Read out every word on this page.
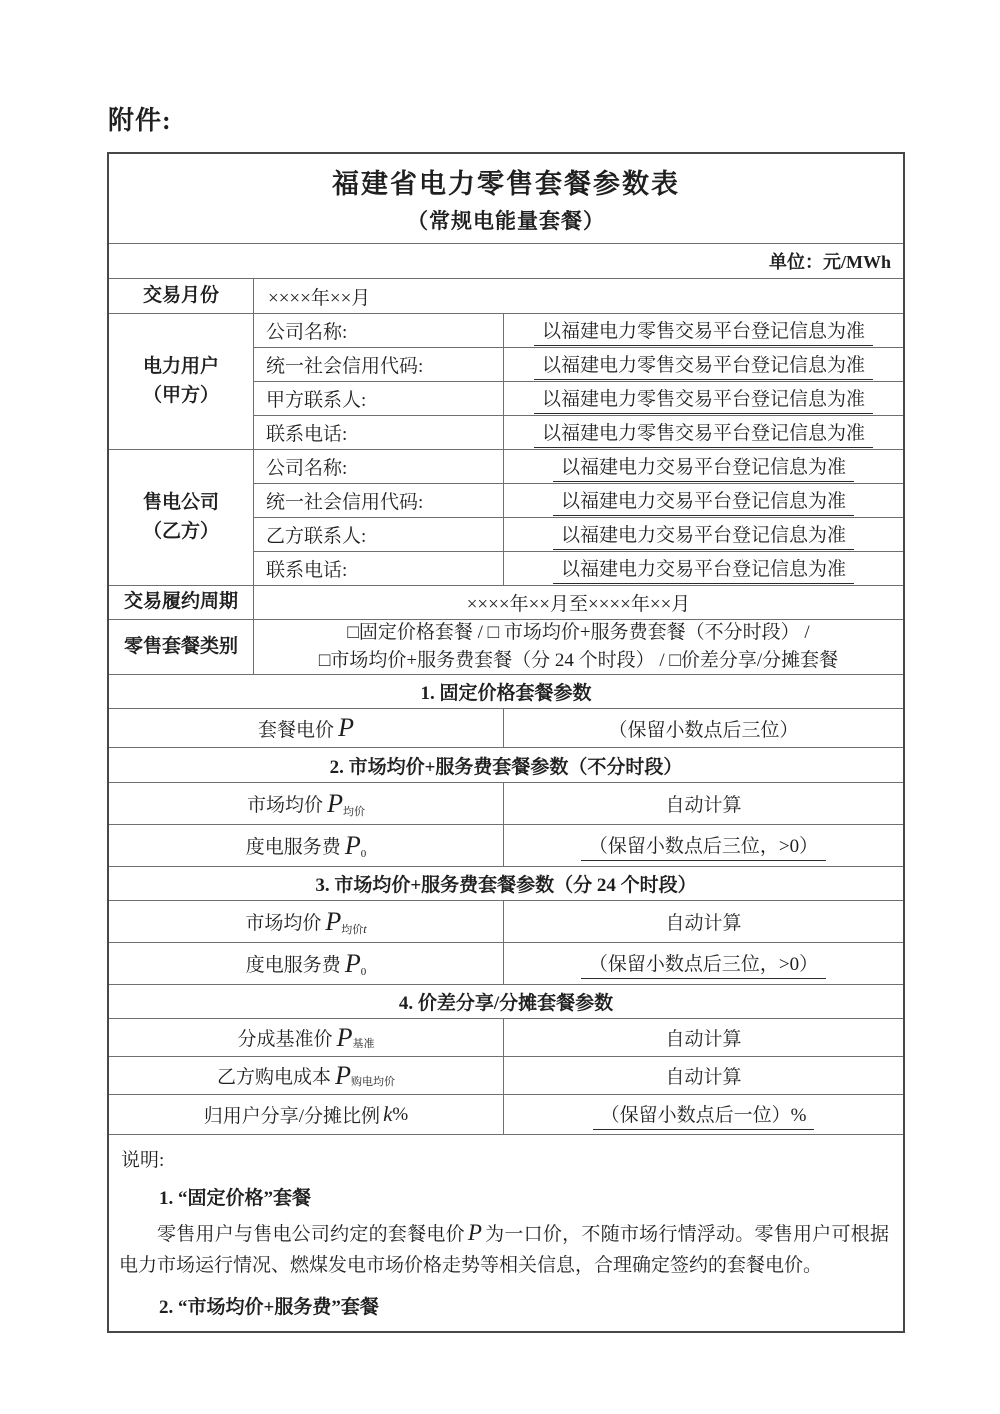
附件:
福建省电力零售套餐参数表
（常规电能量套餐）
单位：元/MWh
交易月份	××××年××月
电力用户
（甲方）
公司名称:	以福建电力零售交易平台登记信息为准
统一社会信用代码:	以福建电力零售交易平台登记信息为准
甲方联系人:	以福建电力零售交易平台登记信息为准
联系电话:	以福建电力零售交易平台登记信息为准
售电公司
（乙方）
公司名称:	以福建电力交易平台登记信息为准
统一社会信用代码:	以福建电力交易平台登记信息为准
乙方联系人:	以福建电力交易平台登记信息为准
联系电话:	以福建电力交易平台登记信息为准
交易履约周期	××××年××月至××××年××月
零售套餐类别
□固定价格套餐 / □ 市场均价+服务费套餐（不分时段） /
□市场均价+服务费套餐（分 24 个时段） / □价差分享/分摊套餐
1. 固定价格套餐参数
套餐电价 P	（保留小数点后三位）
2. 市场均价+服务费套餐参数（不分时段）
市场均价 P 均价	自动计算
度电服务费 P 0	（保留小数点后三位，>0）
3. 市场均价+服务费套餐参数（分 24 个时段）
市场均价 P 均价t	自动计算
度电服务费 P 0	（保留小数点后三位，>0）
4. 价差分享/分摊套餐参数
分成基准价 P 基准	自动计算
乙方购电成本 P 购电均价	自动计算
归用户分享/分摊比例 k %	（保留小数点后一位）%
说明:
1. “固定价格”套餐
零售用户与售电公司约定的套餐电价 P 为一口价，不随市场行情浮动。零售用户可根据电力市场运行情况、燃煤发电市场价格走势等相关信息，合理确定签约的套餐电价。
2. “市场均价+服务费”套餐
